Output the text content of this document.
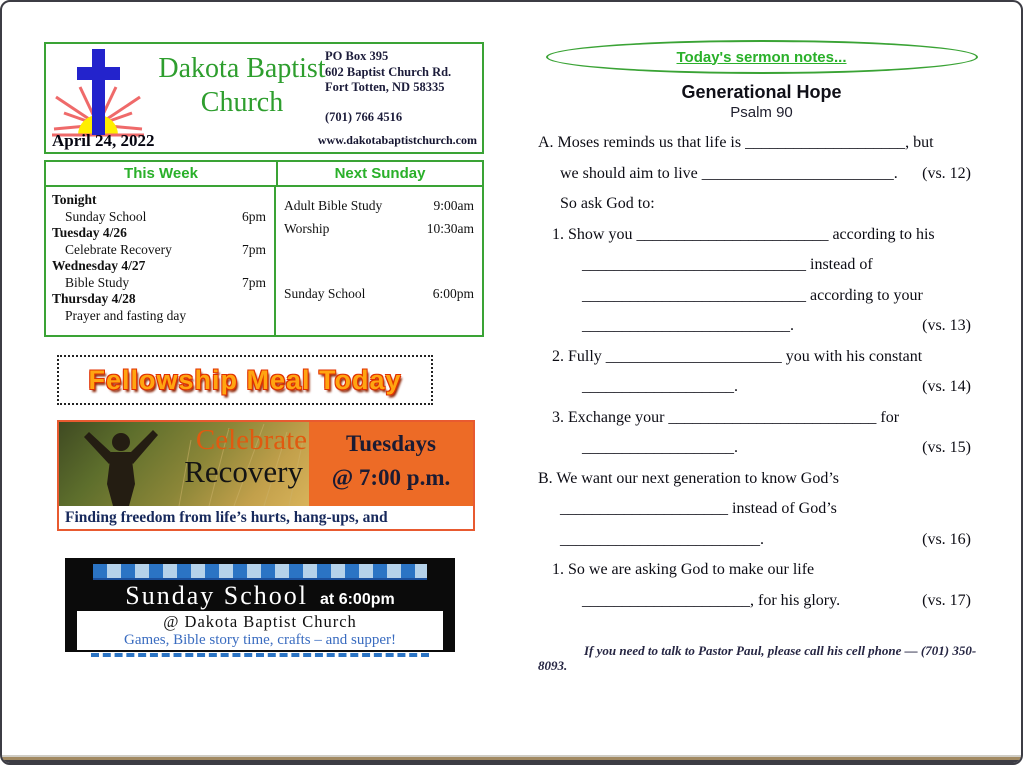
Dakota Baptist
Church
PO Box 395
602 Baptist Church Rd.
Fort Totten, ND 58335
(701) 766 4516
April 24, 2022	www.dakotabaptistchurch.com
This Week	Next Sunday
Tonight
Sunday School	6pm
Tuesday 4/26
Celebrate Recovery	7pm
Wednesday 4/27
Bible Study	7pm
Thursday 4/28
Prayer and fasting day
Adult Bible Study	9:00am
Worship	10:30am
Sunday School	6:00pm
Fellowship Meal Today
Celebrate
Recovery
Tuesdays
@ 7:00 p.m.
Finding freedom from life’s hurts, hang-ups, and
Sunday School at 6:00pm
@ Dakota Baptist Church
Games, Bible story time, crafts – and supper!
Today's sermon notes...
Generational Hope
Psalm 90
A. Moses reminds us that life is ____________________, but
we should aim to live ________________________. (vs. 12)
So ask God to:
1. Show you ________________________ according to his
____________________________ instead of
____________________________ according to your
__________________________.	(vs. 13)
2. Fully ______________________ you with his constant
___________________.	(vs. 14)
3. Exchange your __________________________ for
___________________.	(vs. 15)
B. We want our next generation to know God’s
_____________________ instead of God’s
_________________________.	(vs. 16)
1. So we are asking God to make our life
_____________________, for his glory.	(vs. 17)

If you need to talk to Pastor Paul, please call his cell phone — (701) 350-8093.
